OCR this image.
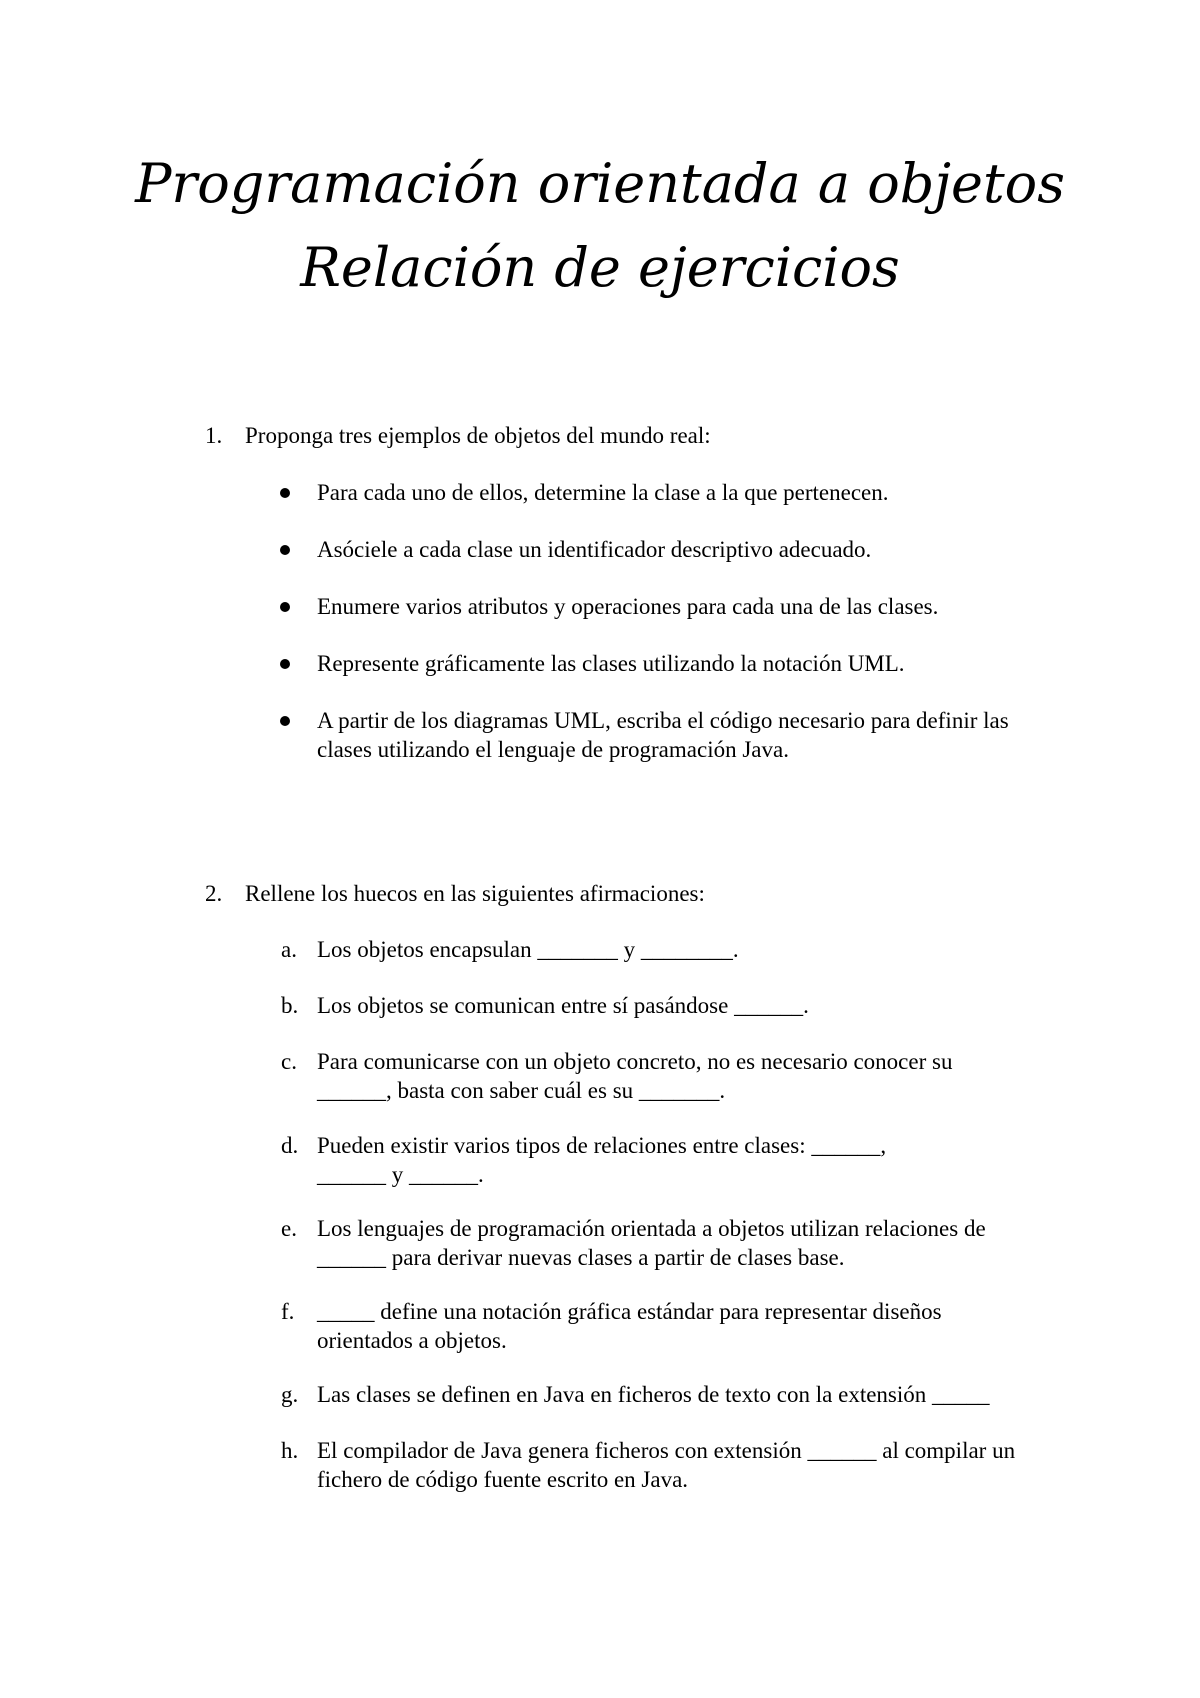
Programación orientada a objetos
Relación de ejercicios
1. Proponga tres ejemplos de objetos del mundo real:
Para cada uno de ellos, determine la clase a la que pertenecen.
Asóciele a cada clase un identificador descriptivo adecuado.
Enumere varios atributos y operaciones para cada una de las clases.
Represente gráficamente las clases utilizando la notación UML.
A partir de los diagramas UML, escriba el código necesario para definir las clases utilizando el lenguaje de programación Java.
2. Rellene los huecos en las siguientes afirmaciones:
a. Los objetos encapsulan _______ y ________.
b. Los objetos se comunican entre sí pasándose ______.
c. Para comunicarse con un objeto concreto, no es necesario conocer su ______, basta con saber cuál es su _______.
d. Pueden existir varios tipos de relaciones entre clases: ______, ______ y ______.
e. Los lenguajes de programación orientada a objetos utilizan relaciones de ______ para derivar nuevas clases a partir de clases base.
f. _____ define una notación gráfica estándar para representar diseños orientados a objetos.
g. Las clases se definen en Java en ficheros de texto con la extensión _____
h. El compilador de Java genera ficheros con extensión ______ al compilar un fichero de código fuente escrito en Java.
